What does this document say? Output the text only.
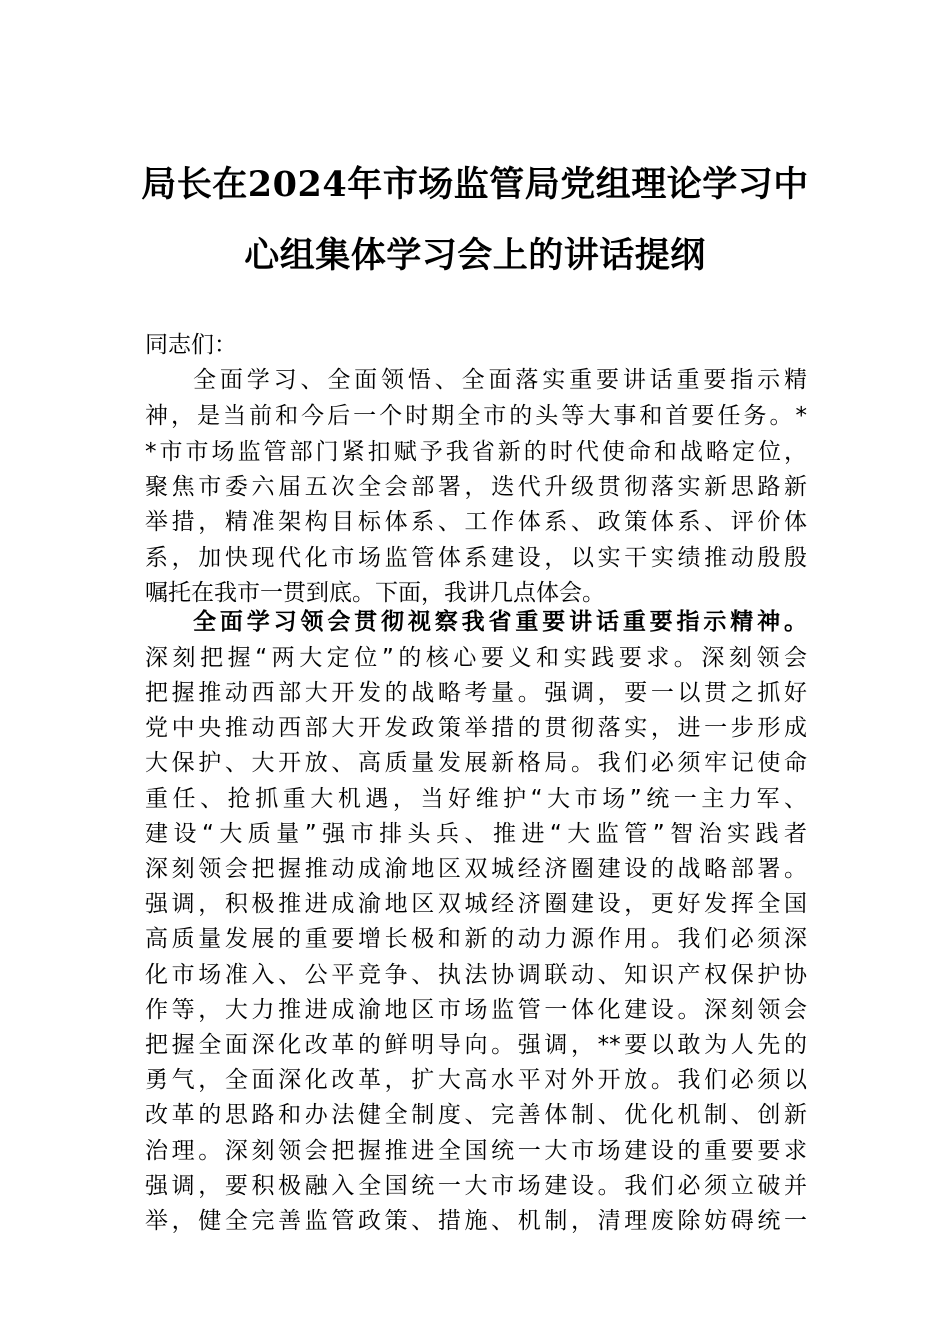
局长在2024年市场监管局党组理论学习中
心组集体学习会上的讲话提纲
同志们：
全面学习、全面领悟、全面落实重要讲话重要指示精
神，是当前和今后一个时期全市的头等大事和首要任务。*
*市市场监管部门紧扣赋予我省新的时代使命和战略定位，
聚焦市委六届五次全会部署，迭代升级贯彻落实新思路新
举措，精准架构目标体系、工作体系、政策体系、评价体
系，加快现代化市场监管体系建设，以实干实绩推动殷殷
嘱托在我市一贯到底。下面，我讲几点体会。
全面学习领会贯彻视察我省重要讲话重要指示精神。
深刻把握“两大定位”的核心要义和实践要求。深刻领会
把握推动西部大开发的战略考量。强调，要一以贯之抓好
党中央推动西部大开发政策举措的贯彻落实，进一步形成
大保护、大开放、高质量发展新格局。我们必须牢记使命
重任、抢抓重大机遇，当好维护“大市场”统一主力军、
建设“大质量”强市排头兵、推进“大监管”智治实践者
深刻领会把握推动成渝地区双城经济圈建设的战略部署。
强调，积极推进成渝地区双城经济圈建设，更好发挥全国
高质量发展的重要增长极和新的动力源作用。我们必须深
化市场准入、公平竞争、执法协调联动、知识产权保护协
作等，大力推进成渝地区市场监管一体化建设。深刻领会
把握全面深化改革的鲜明导向。强调，**要以敢为人先的
勇气，全面深化改革，扩大高水平对外开放。我们必须以
改革的思路和办法健全制度、完善体制、优化机制、创新
治理。深刻领会把握推进全国统一大市场建设的重要要求
强调，要积极融入全国统一大市场建设。我们必须立破并
举，健全完善监管政策、措施、机制，清理废除妨碍统一
